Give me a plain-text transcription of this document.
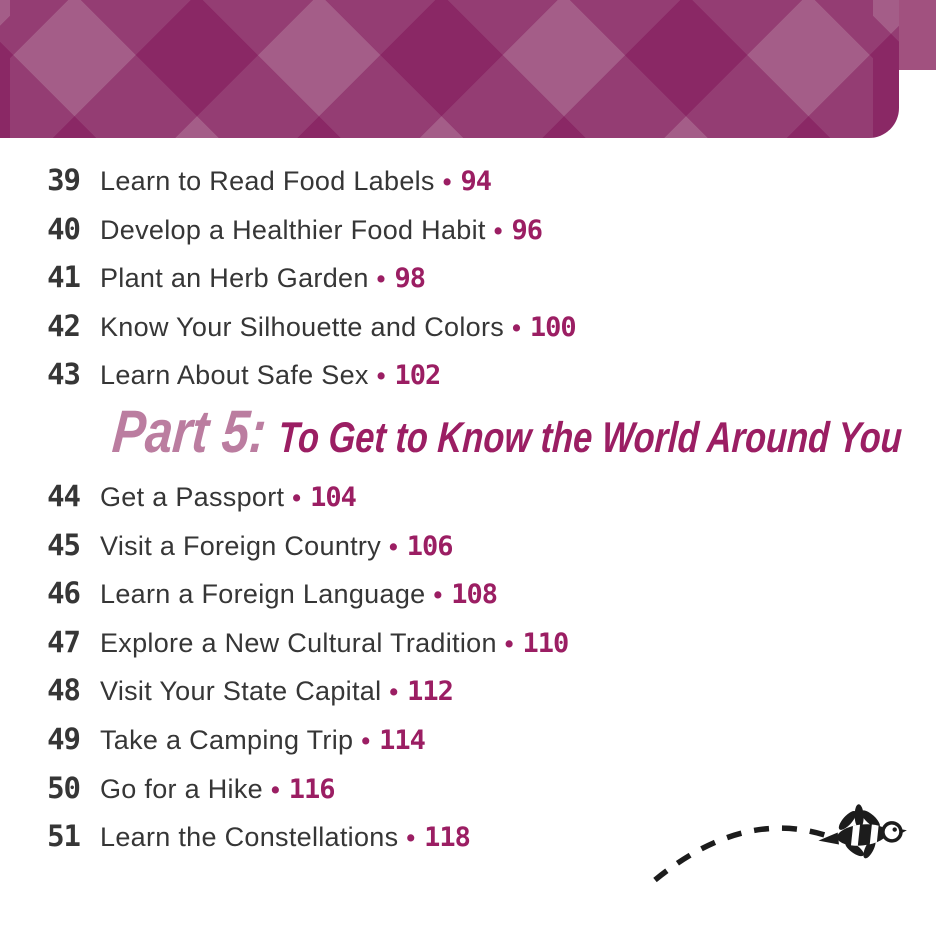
39 Learn to Read Food Labels • 94
40 Develop a Healthier Food Habit • 96
41 Plant an Herb Garden • 98
42 Know Your Silhouette and Colors • 100
43 Learn About Safe Sex • 102
Part 5: To Get to Know the World Around You
44 Get a Passport • 104
45 Visit a Foreign Country • 106
46 Learn a Foreign Language • 108
47 Explore a New Cultural Tradition • 110
48 Visit Your State Capital • 112
49 Take a Camping Trip • 114
50 Go for a Hike • 116
51 Learn the Constellations • 118
